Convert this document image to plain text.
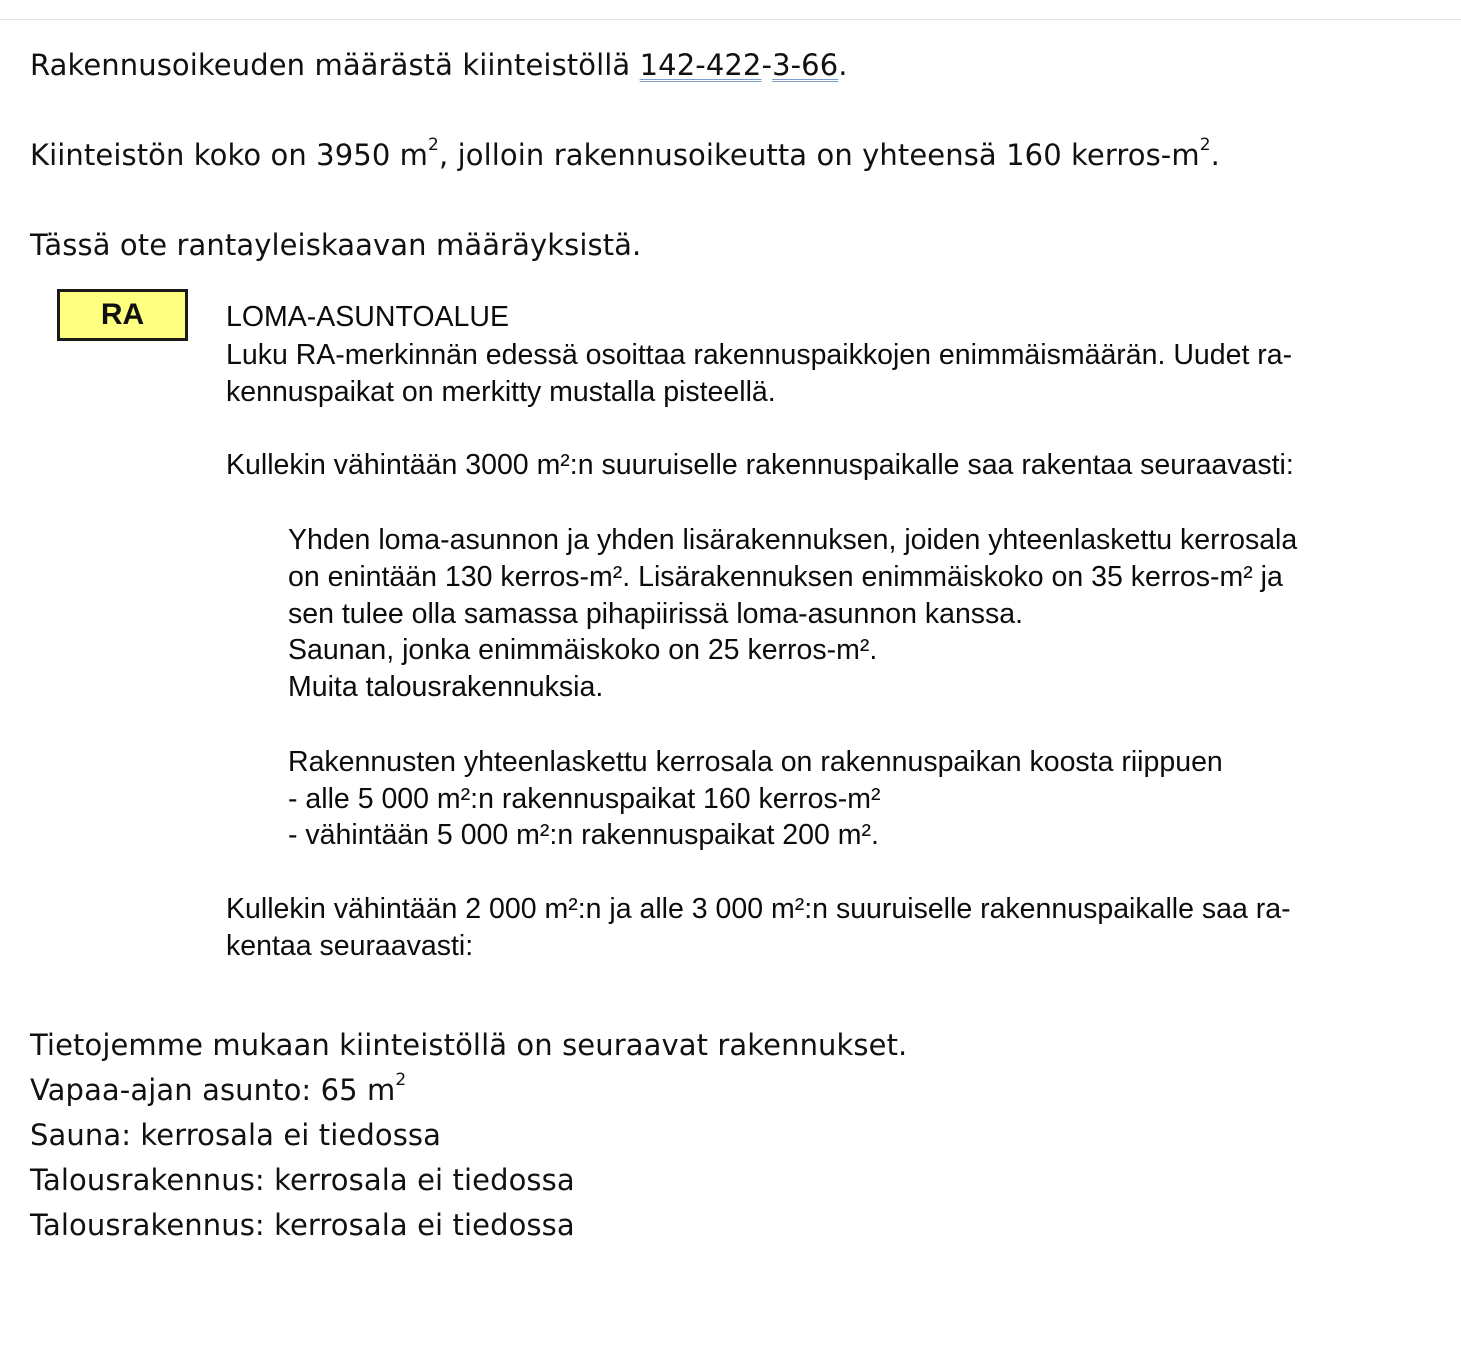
Rakennusoikeuden määrästä kiinteistöllä 142-422-3-66.
Kiinteistön koko on 3950 $m^2$, jolloin rakennusoikeutta on yhteensä 160 kerros-$m^2$.
Tässä ote rantayleiskaavan määräyksistä.
RA	LOMA-ASUNTOALUE
Luku RA-merkinnän edessä osoittaa rakennuspaikkojen enimmäismäärän. Uudet ra-
kennuspaikat on merkitty mustalla pisteellä.
Kullekin vähintään 3000 m²:n suuruiselle rakennuspaikalle saa rakentaa seuraavasti:
Yhden loma-asunnon ja yhden lisärakennuksen, joiden yhteenlaskettu kerrosala
on enintään 130 kerros-m². Lisärakennuksen enimmäiskoko on 35 kerros-m² ja
sen tulee olla samassa pihapiirissä loma-asunnon kanssa.
Saunan, jonka enimmäiskoko on 25 kerros-m².
Muita talousrakennuksia.
Rakennusten yhteenlaskettu kerrosala on rakennuspaikan koosta riippuen
- alle 5 000 m²:n rakennuspaikat 160 kerros-m²
- vähintään 5 000 m²:n rakennuspaikat 200 m².
Kullekin vähintään 2 000 m²:n ja alle 3 000 m²:n suuruiselle rakennuspaikalle saa ra-
kentaa seuraavasti:
Tietojemme mukaan kiinteistöllä on seuraavat rakennukset.
Vapaa-ajan asunto: 65 $m^2$
Sauna: kerrosala ei tiedossa
Talousrakennus: kerrosala ei tiedossa
Talousrakennus: kerrosala ei tiedossa
